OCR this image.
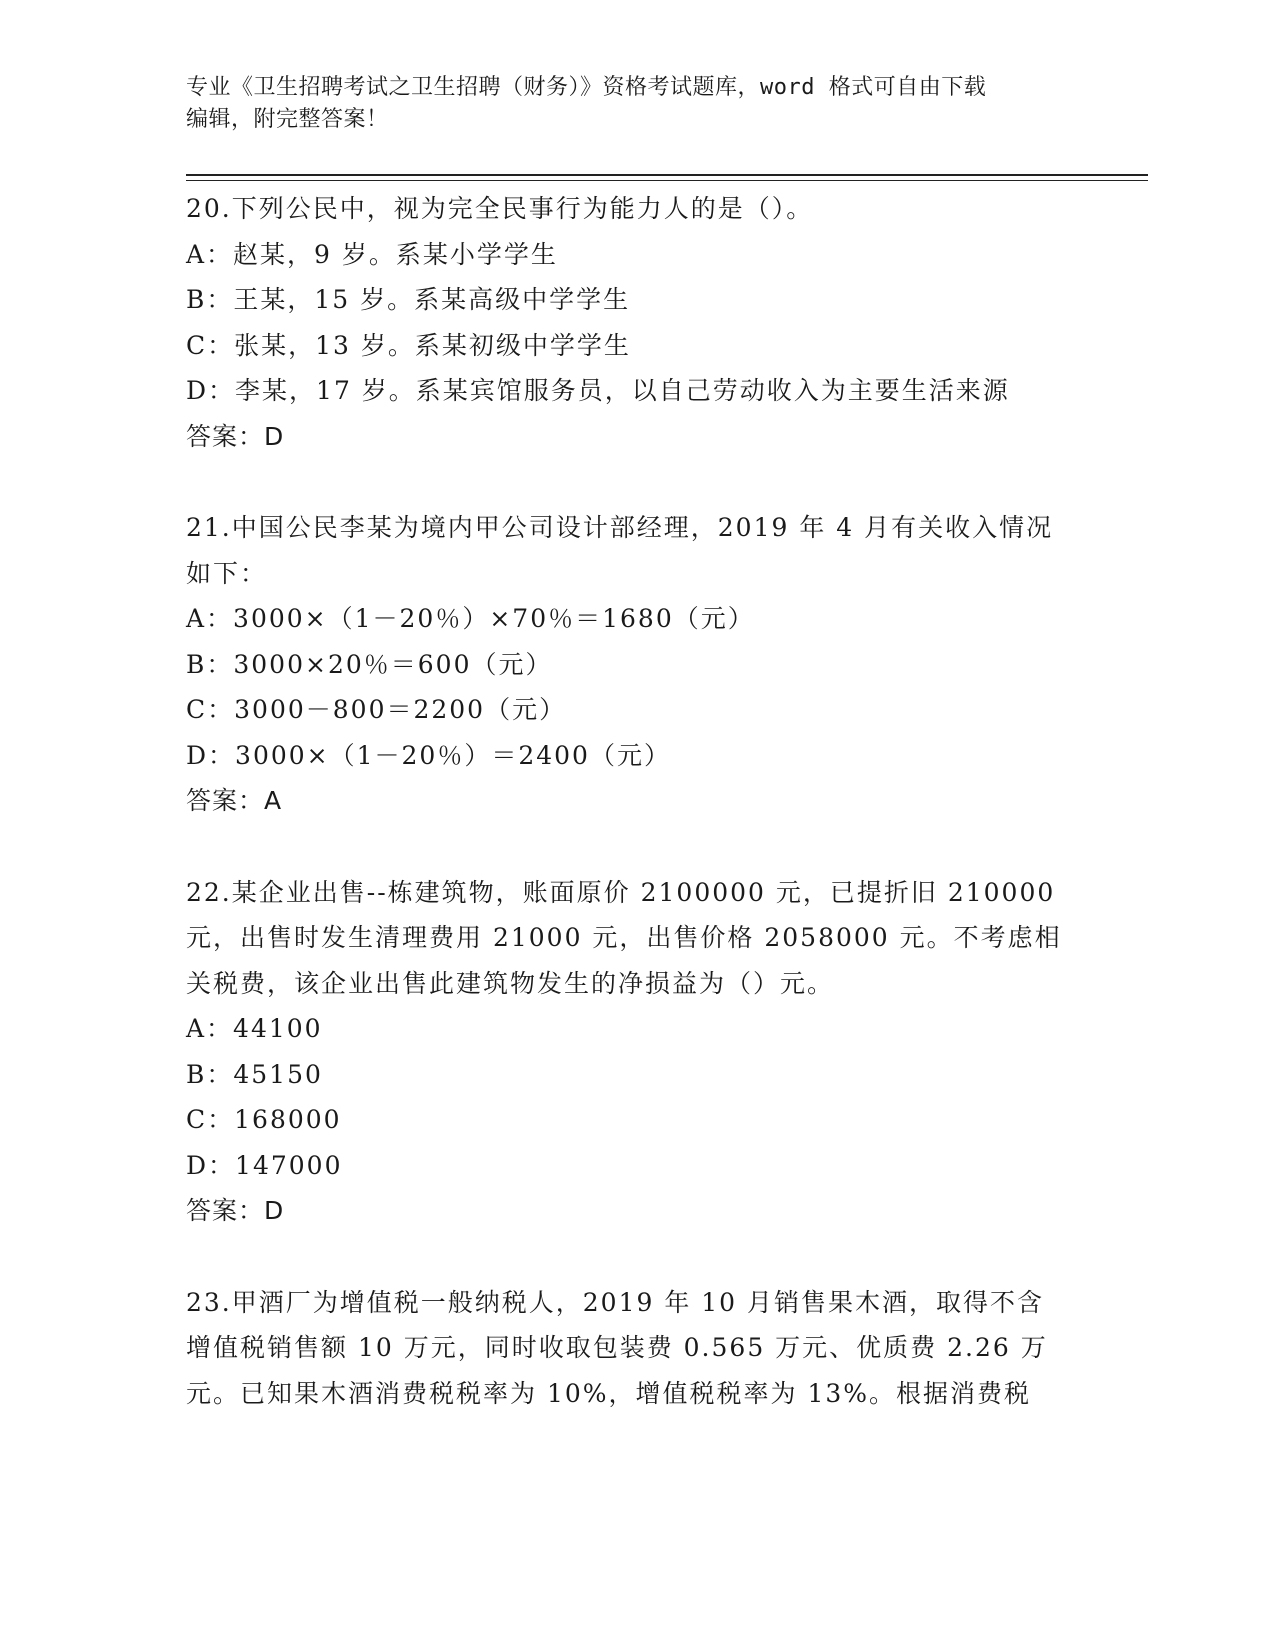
专业《卫生招聘考试之卫生招聘（财务）》资格考试题库，word 格式可自由下载
编辑，附完整答案！
20.下列公民中，视为完全民事行为能力人的是（）。
A：赵某，9 岁。系某小学学生
B：王某，15 岁。系某高级中学学生
C：张某，13 岁。系某初级中学学生
D：李某，17 岁。系某宾馆服务员，以自己劳动收入为主要生活来源
答案：D
21.中国公民李某为境内甲公司设计部经理，2019 年 4 月有关收入情况
如下：
A：3000×（1－20％）×70％＝1680（元）
B：3000×20％＝600（元）
C：3000－800＝2200（元）
D：3000×（1－20％）＝2400（元）
答案：A
22.某企业出售--栋建筑物，账面原价 2100000 元，已提折旧 210000
元，出售时发生清理费用 21000 元，出售价格 2058000 元。不考虑相
关税费，该企业出售此建筑物发生的净损益为（）元。
A：44100
B：45150
C：168000
D：147000
答案：D
23.甲酒厂为增值税一般纳税人，2019 年 10 月销售果木酒，取得不含
增值税销售额 10 万元，同时收取包装费 0.565 万元、优质费 2.26 万
元。已知果木酒消费税税率为 10%，增值税税率为 13%。根据消费税
